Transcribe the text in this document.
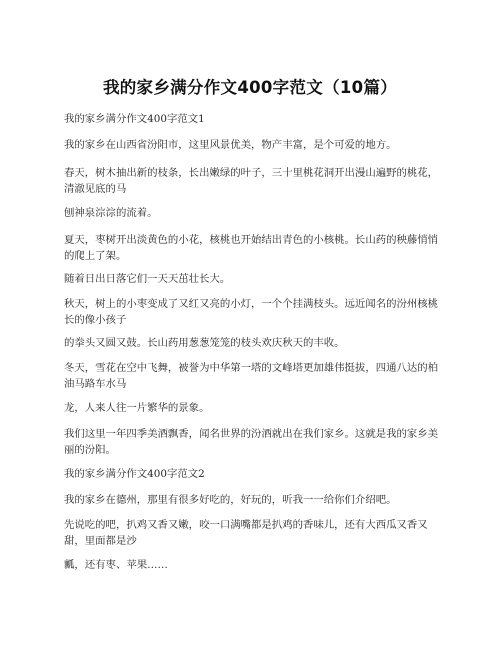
我的家乡满分作文400字范文（10篇）
我的家乡满分作文400字范文1
我的家乡在山西省汾阳市，这里风景优美，物产丰富，是个可爱的地方。
春天，树木抽出新的枝条，长出嫩绿的叶子，三十里桃花洞开出漫山遍野的桃花，清澈见底的马
刨神泉淙淙的流着。
夏天，枣树开出淡黄色的小花，核桃也开始结出青色的小核桃。长山药的秧藤悄悄的爬上了架。
随着日出日落它们一天天茁壮长大。
秋天，树上的小枣变成了又红又亮的小灯，一个个挂满枝头。远近闻名的汾州核桃长的像小孩子
的拳头又圆又鼓。长山药用葱葱笼笼的枝头欢庆秋天的丰收。
冬天，雪花在空中飞舞，被誉为中华第一塔的文峰塔更加雄伟挺拔，四通八达的柏油马路车水马
龙，人来人往一片繁华的景象。
我们这里一年四季美酒飘香，闻名世界的汾酒就出在我们家乡。这就是我的家乡美丽的汾阳。
我的家乡满分作文400字范文2
我的家乡在德州，那里有很多好吃的，好玩的，听我一一给你们介绍吧。
先说吃的吧，扒鸡又香又嫩，咬一口满嘴都是扒鸡的香味儿，还有大西瓜又香又甜，里面都是沙
瓤，还有枣、苹果……
